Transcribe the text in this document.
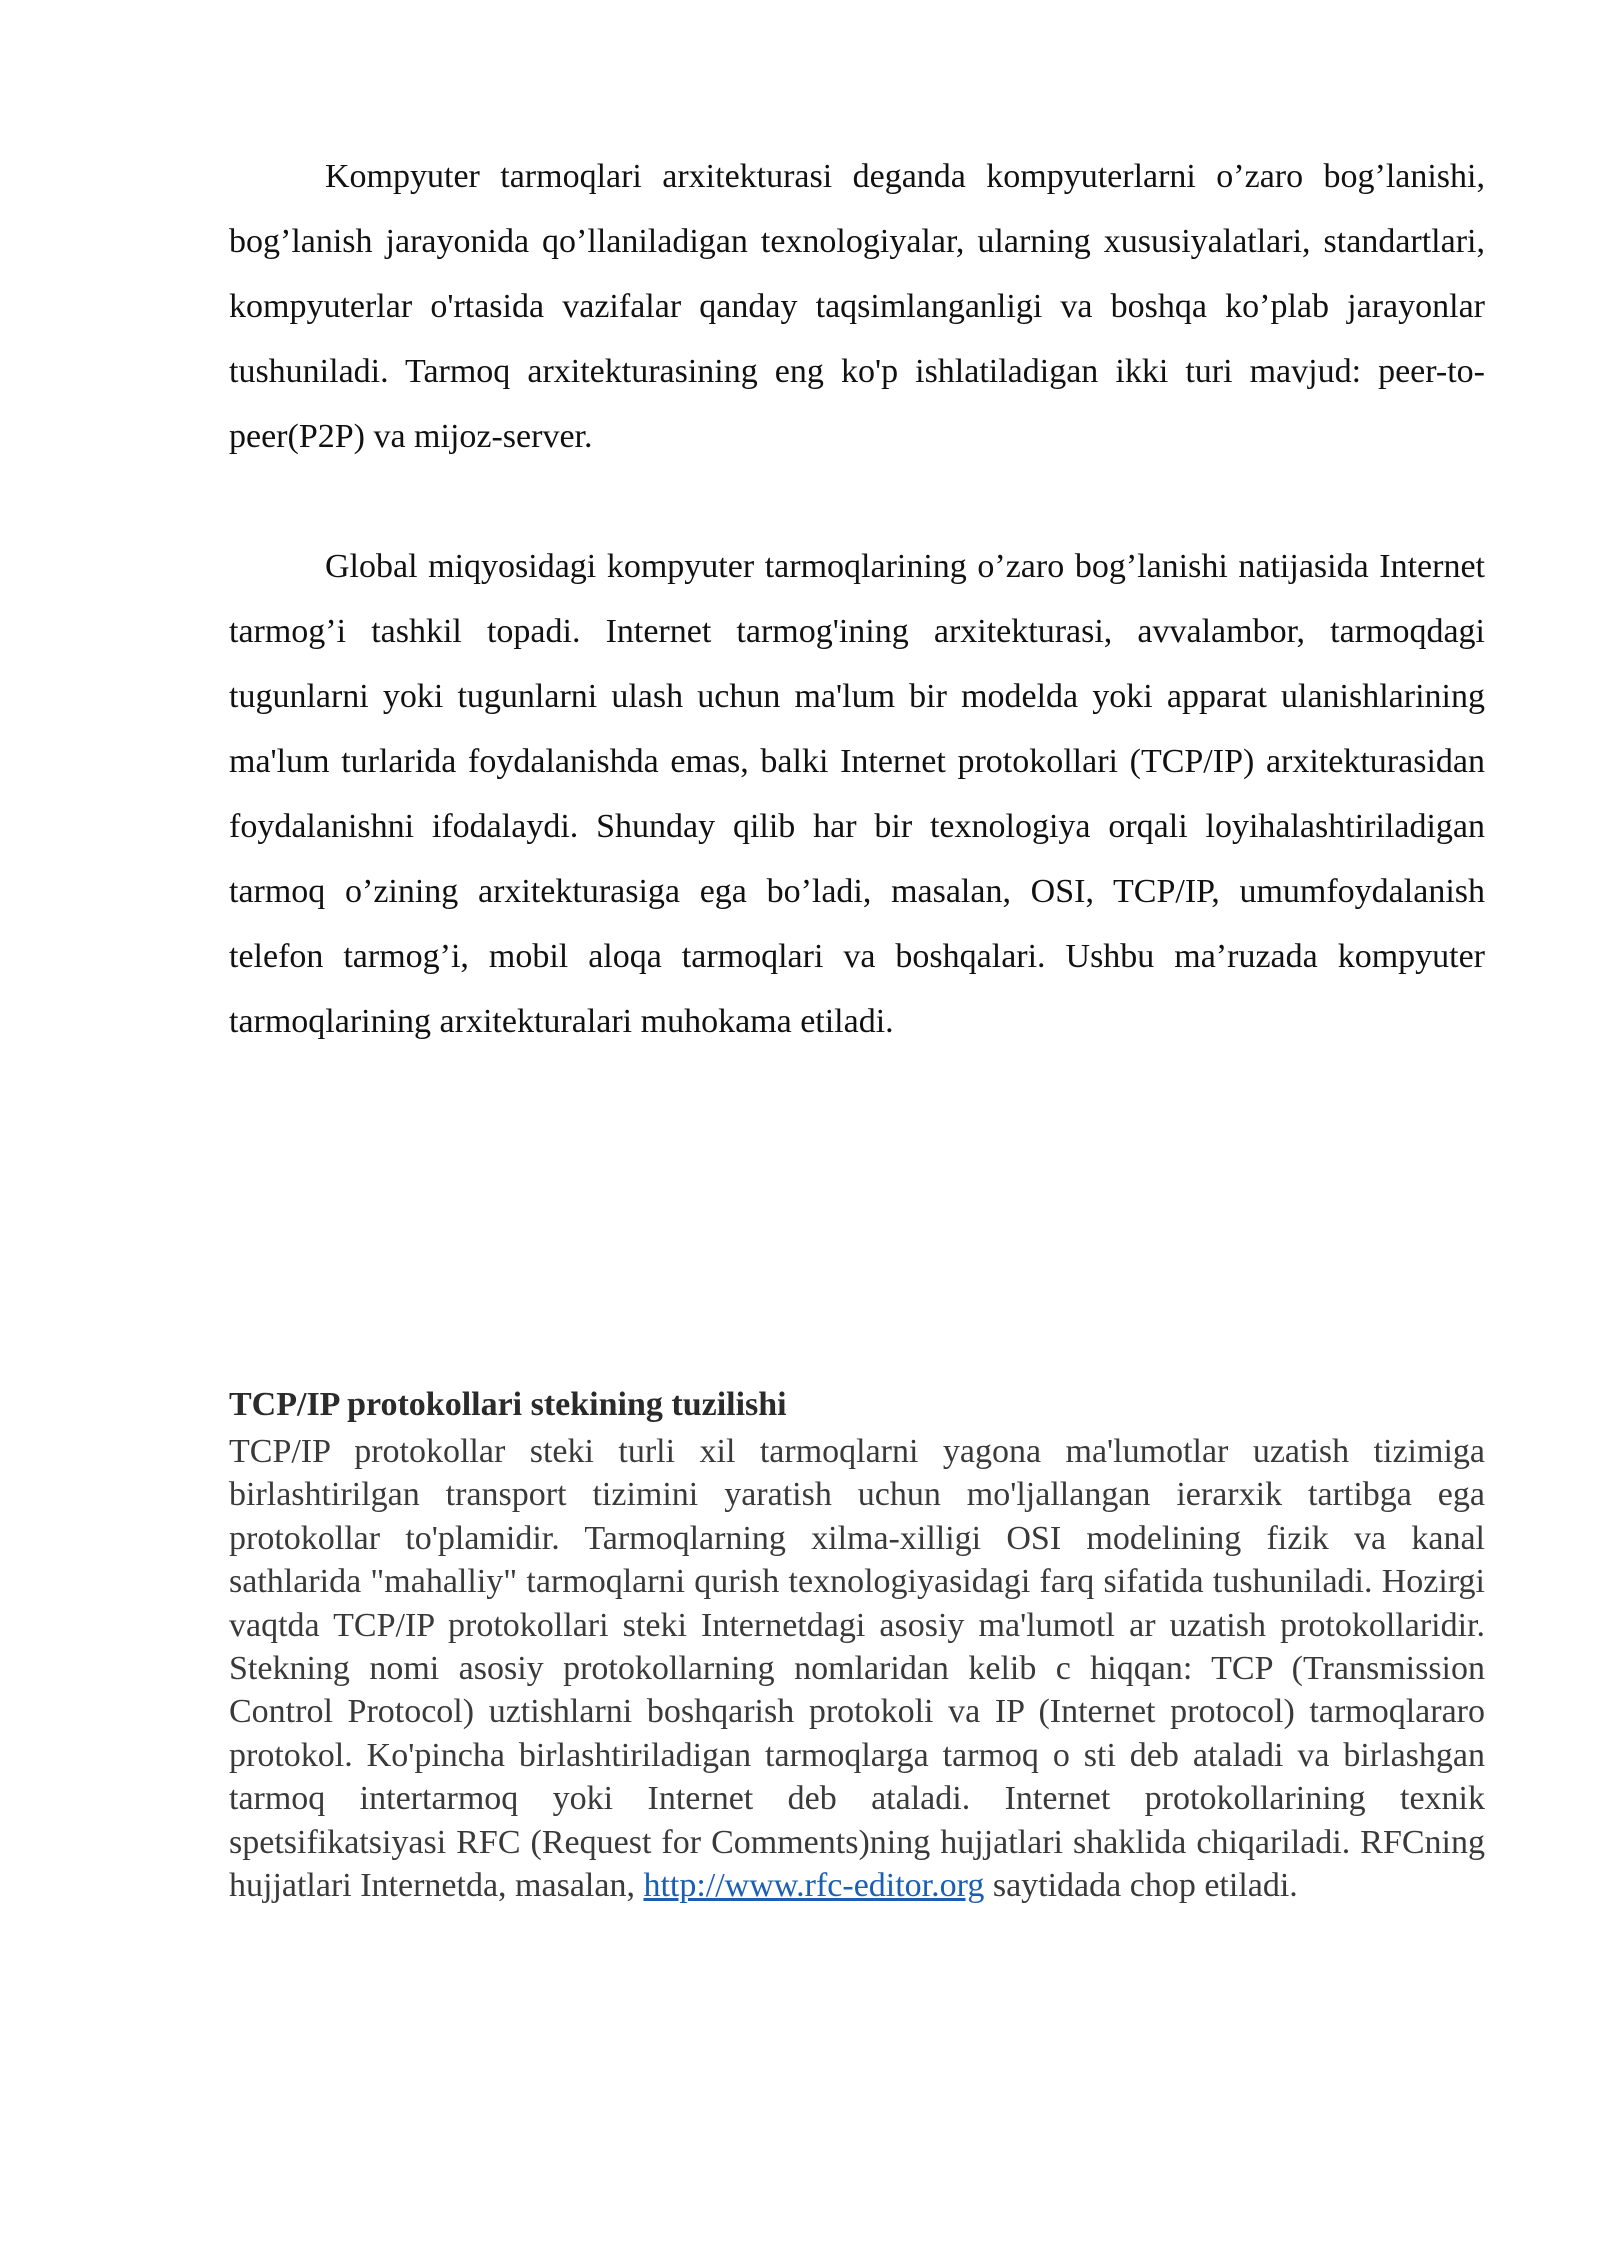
Kompyuter tarmoqlari arxitekturasi deganda kompyuterlarni o’zaro bog’lanishi, bog’lanish jarayonida qo’llaniladigan texnologiyalar, ularning xususiyalatlari, standartlari, kompyuterlar o'rtasida vazifalar qanday taqsimlanganligi va boshqa ko’plab jarayonlar tushuniladi. Tarmoq arxitekturasining eng ko'p ishlatiladigan ikki turi mavjud: peer-to-peer(P2P) va mijoz-server.

Global miqyosidagi kompyuter tarmoqlarining o’zaro bog’lanishi natijasida Internet tarmog’i tashkil topadi. Internet tarmog'ining arxitekturasi, avvalambor, tarmoqdagi tugunlarni yoki tugunlarni ulash uchun ma'lum bir modelda yoki apparat ulanishlarining ma'lum turlarida foydalanishda emas, balki Internet protokollari (TCP/IP) arxitekturasidan foydalanishni ifodalaydi. Shunday qilib har bir texnologiya orqali loyihalashtiriladigan tarmoq o’zining arxitekturasiga ega bo’ladi, masalan, OSI, TCP/IP, umumfoydalanish telefon tarmog’i, mobil aloqa tarmoqlari va boshqalari. Ushbu ma’ruzada kompyuter tarmoqlarining arxitekturalari muhokama etiladi.

TCP/IP protokollari stekining tuzilishi

TCP/IP protokollar steki turli xil tarmoqlarni yagona ma'lumotlar uzatish tizimiga birlashtirilgan transport tizimini yaratish uchun mo'ljallangan ierarxik tartibga ega protokollar to'plamidir. Tarmoqlarning xilma-xilligi OSI modelining fizik va kanal sathlarida "mahalliy" tarmoqlarni qurish texnologiyasidagi farq sifatida tushuniladi. Hozirgi vaqtda TCP/IP protokollari steki Internetdagi asosiy ma'lumotl ar uzatish protokollaridir. Stekning nomi asosiy protokollarning nomlaridan kelib c hiqqan: TCP (Transmission Control Protocol) uztishlarni boshqarish protokoli va IP (Internet protocol) tarmoqlararo protokol. Ko'pincha birlashtiriladigan tarmoqlarga tarmoq o sti deb ataladi va birlashgan tarmoq intertarmoq yoki Internet deb ataladi. Internet protokollarining texnik spetsifikatsiyasi RFC (Request for Comments)ning hujjatlari shaklida chiqariladi. RFCning hujjatlari Internetda, masalan, http://www.rfc-editor.org saytidada chop etiladi.
